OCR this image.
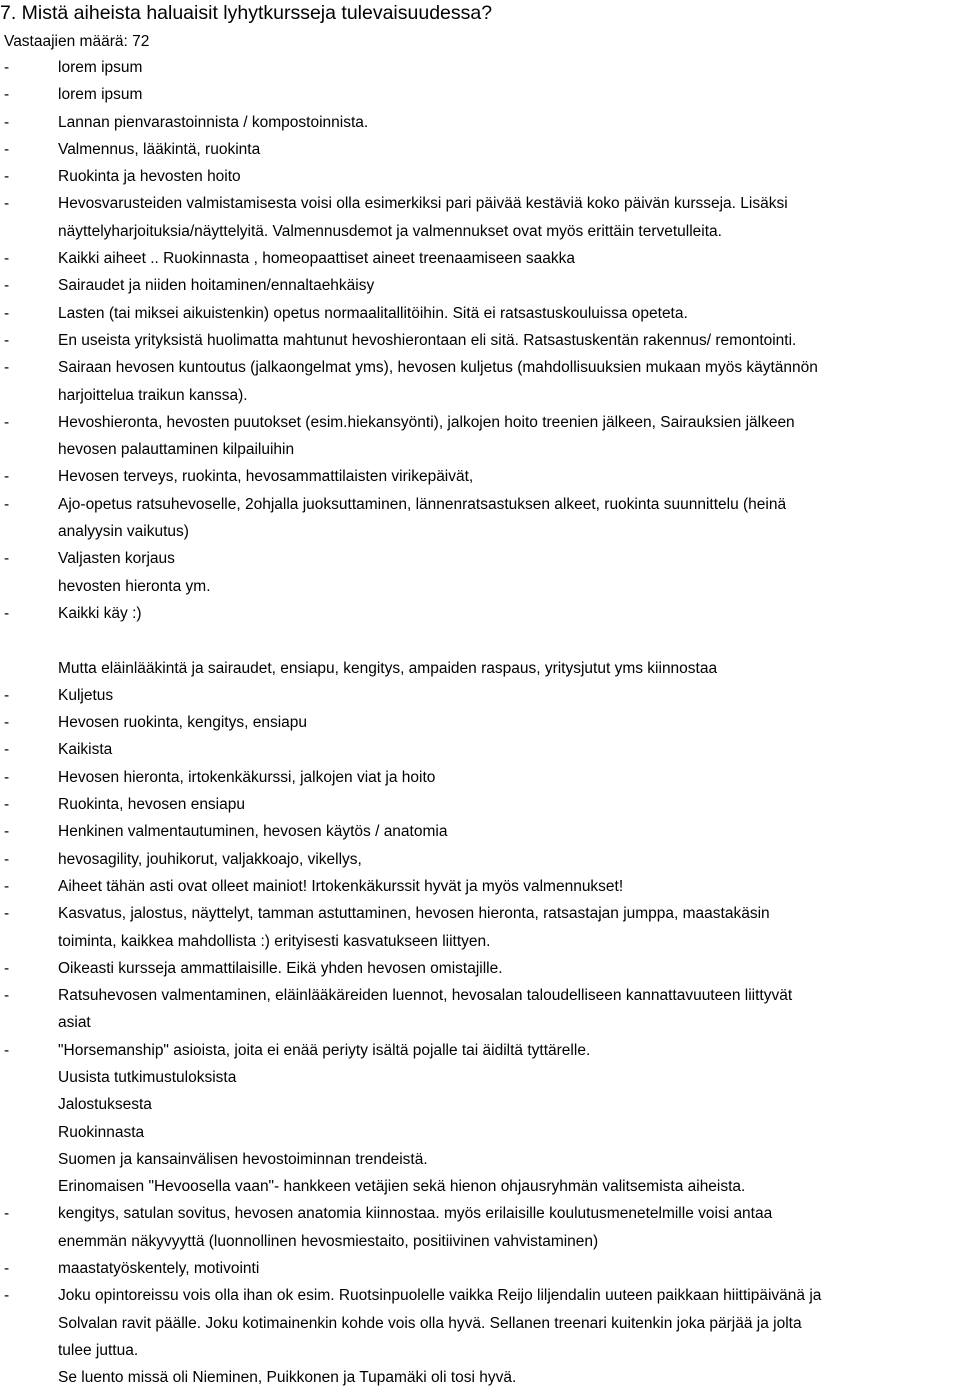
7. Mistä aiheista haluaisit lyhytkursseja tulevaisuudessa?
Vastaajien määrä: 72
-	lorem ipsum
-	lorem ipsum
-	Lannan pienvarastoinnista / kompostoinnista.
-	Valmennus, lääkintä, ruokinta
-	Ruokinta ja hevosten hoito
-	Hevosvarusteiden valmistamisesta voisi olla esimerkiksi pari päivää kestäviä koko päivän kursseja. Lisäksi
näyttelyharjoituksia/näyttelyitä. Valmennusdemot ja valmennukset ovat myös erittäin tervetulleita.
-	Kaikki aiheet .. Ruokinnasta , homeopaattiset aineet treenaamiseen saakka
-	Sairaudet ja niiden hoitaminen/ennaltaehkäisy
-	Lasten (tai miksei aikuistenkin) opetus normaalitallitöihin. Sitä ei ratsastuskouluissa opeteta.
-	En useista yrityksistä huolimatta mahtunut hevoshierontaan eli sitä. Ratsastuskentän rakennus/ remontointi.
-	Sairaan hevosen kuntoutus (jalkaongelmat yms), hevosen kuljetus (mahdollisuuksien mukaan myös käytännön
harjoittelua traikun kanssa).
-	Hevoshieronta, hevosten puutokset (esim.hiekansyönti), jalkojen hoito treenien jälkeen, Sairauksien jälkeen
hevosen palauttaminen kilpailuihin
-	Hevosen terveys, ruokinta, hevosammattilaisten virikepäivät,
-	Ajo-opetus ratsuhevoselle, 2ohjalla juoksuttaminen, lännenratsastuksen alkeet, ruokinta suunnittelu (heinä
analyysin vaikutus)
-	Valjasten korjaus
hevosten hieronta ym.
-	Kaikki käy :)
Mutta eläinlääkintä ja sairaudet, ensiapu, kengitys, ampaiden raspaus, yritysjutut yms kiinnostaa
-	Kuljetus
-	Hevosen ruokinta, kengitys, ensiapu
-	Kaikista
-	Hevosen hieronta, irtokenkäkurssi, jalkojen viat ja hoito
-	Ruokinta, hevosen ensiapu
-	Henkinen valmentautuminen, hevosen käytös / anatomia
-	hevosagility, jouhikorut, valjakkoajo, vikellys,
-	Aiheet tähän asti ovat olleet mainiot! Irtokenkäkurssit hyvät ja myös valmennukset!
-	Kasvatus, jalostus, näyttelyt, tamman astuttaminen, hevosen hieronta, ratsastajan jumppa, maastakäsin
toiminta, kaikkea mahdollista :) erityisesti kasvatukseen liittyen.
-	Oikeasti kursseja ammattilaisille. Eikä yhden hevosen omistajille.
-	Ratsuhevosen valmentaminen, eläinlääkäreiden luennot, hevosalan taloudelliseen kannattavuuteen liittyvät
asiat
-	"Horsemanship" asioista, joita ei enää periyty isältä pojalle tai äidiltä tyttärelle.
Uusista tutkimustuloksista
Jalostuksesta
Ruokinnasta
Suomen ja kansainvälisen hevostoiminnan trendeistä.
Erinomaisen "Hevoosella vaan"- hankkeen vetäjien sekä hienon ohjausryhmän valitsemista aiheista.
-	kengitys, satulan sovitus, hevosen anatomia kiinnostaa. myös erilaisille koulutusmenetelmille voisi antaa
enemmän näkyvyyttä (luonnollinen hevosmiestaito, positiivinen vahvistaminen)
-	maastatyöskentely, motivointi
-	Joku opintoreissu vois olla ihan ok esim. Ruotsinpuolelle vaikka Reijo liljendalin uuteen paikkaan hiittipäivänä ja
Solvalan ravit päälle. Joku kotimainenkin kohde vois olla hyvä. Sellanen treenari kuitenkin joka pärjää ja jolta
tulee juttua.
Se luento missä oli Nieminen, Puikkonen ja Tupamäki oli tosi hyvä.
